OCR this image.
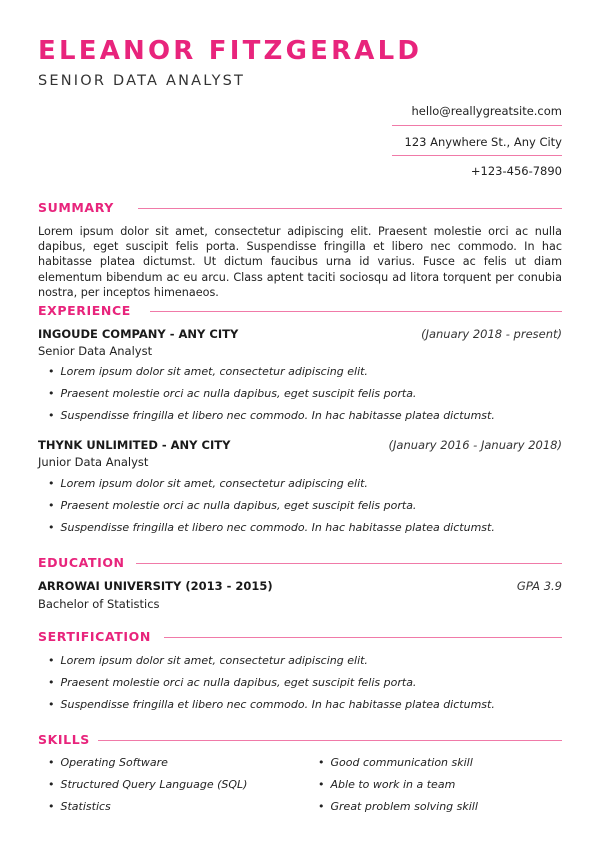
ELEANOR FITZGERALD
SENIOR DATA ANALYST
hello@reallygreatsite.com
123 Anywhere St., Any City
+123-456-7890
SUMMARY
Lorem ipsum dolor sit amet, consectetur adipiscing elit. Praesent molestie orci ac nulla dapibus, eget suscipit felis porta. Suspendisse fringilla et libero nec commodo. In hac habitasse platea dictumst. Ut dictum faucibus urna id varius. Fusce ac felis ut diam elementum bibendum ac eu arcu. Class aptent taciti sociosqu ad litora torquent per conubia nostra, per inceptos himenaeos.
EXPERIENCE
INGOUDE COMPANY - ANY CITY	(January 2018 - present)
Senior Data Analyst
• Lorem ipsum dolor sit amet, consectetur adipiscing elit.
• Praesent molestie orci ac nulla dapibus, eget suscipit felis porta.
• Suspendisse fringilla et libero nec commodo. In hac habitasse platea dictumst.
THYNK UNLIMITED - ANY CITY	(January 2016 - January 2018)
Junior Data Analyst
• Lorem ipsum dolor sit amet, consectetur adipiscing elit.
• Praesent molestie orci ac nulla dapibus, eget suscipit felis porta.
• Suspendisse fringilla et libero nec commodo. In hac habitasse platea dictumst.
EDUCATION
ARROWAI UNIVERSITY (2013 - 2015)	GPA 3.9
Bachelor of Statistics
SERTIFICATION
• Lorem ipsum dolor sit amet, consectetur adipiscing elit.
• Praesent molestie orci ac nulla dapibus, eget suscipit felis porta.
• Suspendisse fringilla et libero nec commodo. In hac habitasse platea dictumst.
SKILLS
• Operating Software
• Structured Query Language (SQL)
• Statistics
• Good communication skill
• Able to work in a team
• Great problem solving skill
